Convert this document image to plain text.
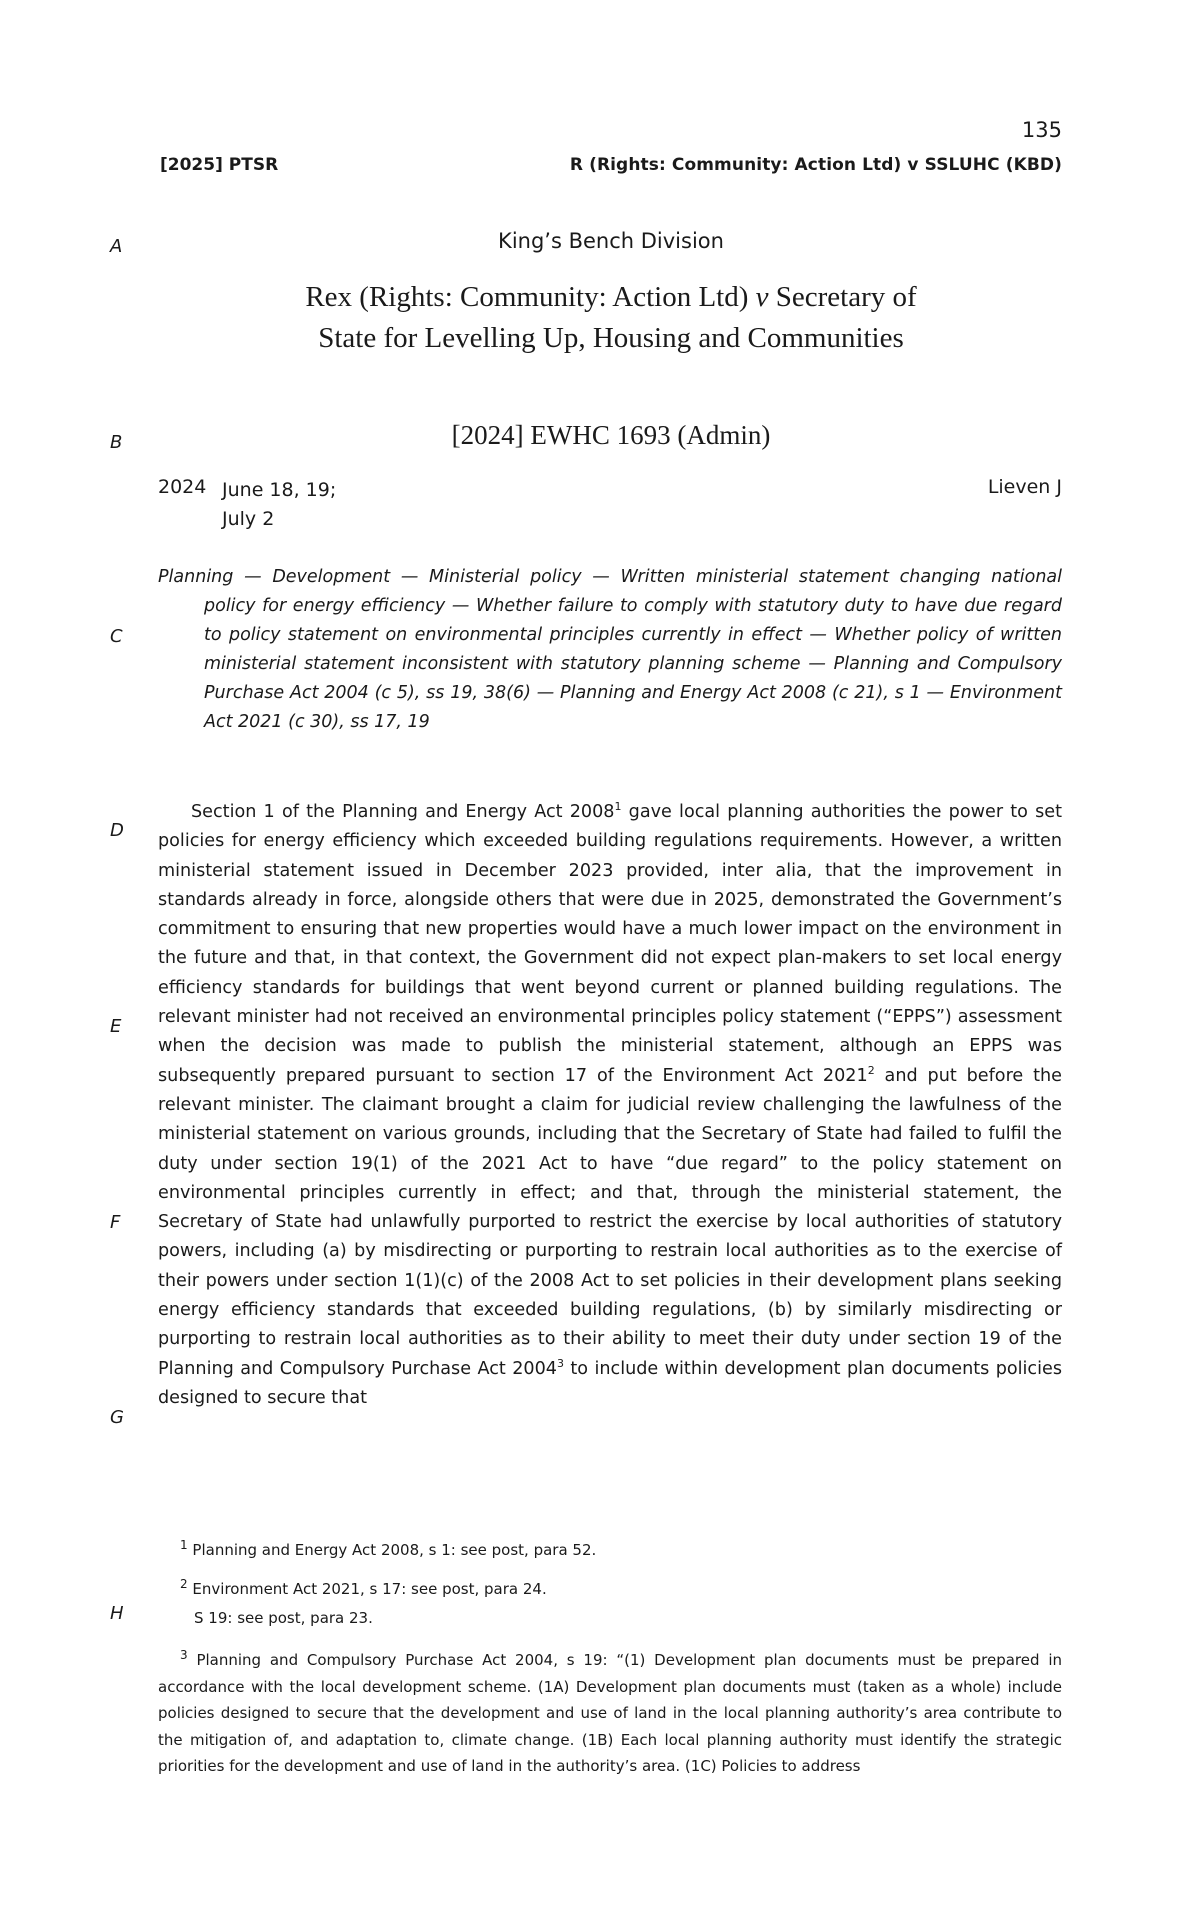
135
[2025] PTSR	R (Rights: Community: Action Ltd) v SSLUHC (KBD)
A
B
C
D
E
F
G
H
King’s Bench Division
Rex (Rights: Community: Action Ltd) v Secretary of
State for Levelling Up, Housing and Communities
[2024] EWHC 1693 (Admin)
2024 June 18, 19;
July 2
Lieven J

Planning — Development — Ministerial policy — Written ministerial statement changing national policy for energy efficiency — Whether failure to comply with statutory duty to have due regard to policy statement on environmental principles currently in effect — Whether policy of written ministerial statement inconsistent with statutory planning scheme — Planning and Compulsory Purchase Act 2004 (c 5), ss 19, 38(6) — Planning and Energy Act 2008 (c 21), s 1 — Environment Act 2021 (c 30), ss 17, 19

Section 1 of the Planning and Energy Act 2008$^1$ gave local planning authorities the power to set policies for energy efficiency which exceeded building regulations requirements. However, a written ministerial statement issued in December 2023 provided, inter alia, that the improvement in standards already in force, alongside others that were due in 2025, demonstrated the Government’s commitment to ensuring that new properties would have a much lower impact on the environment in the future and that, in that context, the Government did not expect plan-makers to set local energy efficiency standards for buildings that went beyond current or planned building regulations. The relevant minister had not received an environmental principles policy statement (“EPPS”) assessment when the decision was made to publish the ministerial statement, although an EPPS was subsequently prepared pursuant to section 17 of the Environment Act 2021$^2$ and put before the relevant minister. The claimant brought a claim for judicial review challenging the lawfulness of the ministerial statement on various grounds, including that the Secretary of State had failed to fulfil the duty under section 19(1) of the 2021 Act to have “due regard” to the policy statement on environmental principles currently in effect; and that, through the ministerial statement, the Secretary of State had unlawfully purported to restrict the exercise by local authorities of statutory powers, including (a) by misdirecting or purporting to restrain local authorities as to the exercise of their powers under section 1(1)(c) of the 2008 Act to set policies in their development plans seeking energy efficiency standards that exceeded building regulations, (b) by similarly misdirecting or purporting to restrain local authorities as to their ability to meet their duty under section 19 of the Planning and Compulsory Purchase Act 2004$^3$ to include within development plan documents policies designed to secure that

$^1$ Planning and Energy Act 2008, s 1: see post, para 52.
$^2$ Environment Act 2021, s 17: see post, para 24.
S 19: see post, para 23.

$^3$ Planning and Compulsory Purchase Act 2004, s 19: “(1) Development plan documents must be prepared in accordance with the local development scheme. (1A) Development plan documents must (taken as a whole) include policies designed to secure that the development and use of land in the local planning authority’s area contribute to the mitigation of, and adaptation to, climate change. (1B) Each local planning authority must identify the strategic priorities for the development and use of land in the authority’s area. (1C) Policies to address
